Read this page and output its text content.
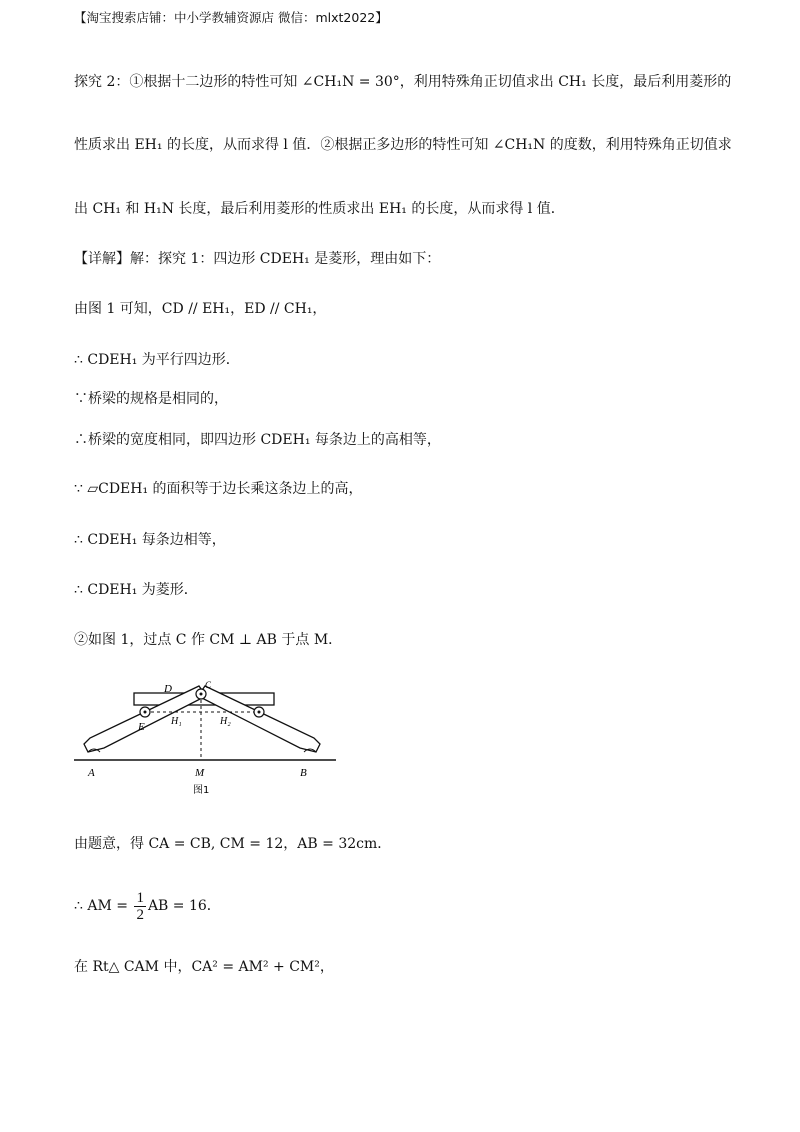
【淘宝搜索店铺：中小学教辅资源店 微信：mlxt2022】
探究 2：①根据十二边形的特性可知 ∠CH₁N = 30°，利用特殊角正切值求出 CH₁ 长度，最后利用菱形的
性质求出 EH₁ 的长度，从而求得 l 值．②根据正多边形的特性可知 ∠CH₁N 的度数，利用特殊角正切值求
出 CH₁ 和 H₁N 长度，最后利用菱形的性质求出 EH₁ 的长度，从而求得 l 值．
【详解】解：探究 1：四边形 CDEH₁ 是菱形，理由如下：
由图 1 可知，CD // EH₁，ED // CH₁，
∴ CDEH₁ 为平行四边形．
∵桥梁的规格是相同的，
∴桥梁的宽度相同，即四边形 CDEH₁ 每条边上的高相等，
∵ ▱CDEH₁ 的面积等于边长乘这条边上的高，
∴ CDEH₁ 每条边相等，
∴ CDEH₁ 为菱形．
②如图 1，过点 C 作 CM ⊥ AB 于点 M．
A	M	B
D	C
E	H₁	H₂
图1
由题意，得 CA = CB, CM = 12，AB = 32cm．
∴ AM = $\frac{1}{2}$ AB = 16．
在 Rt△ CAM 中，CA² = AM² + CM²，
